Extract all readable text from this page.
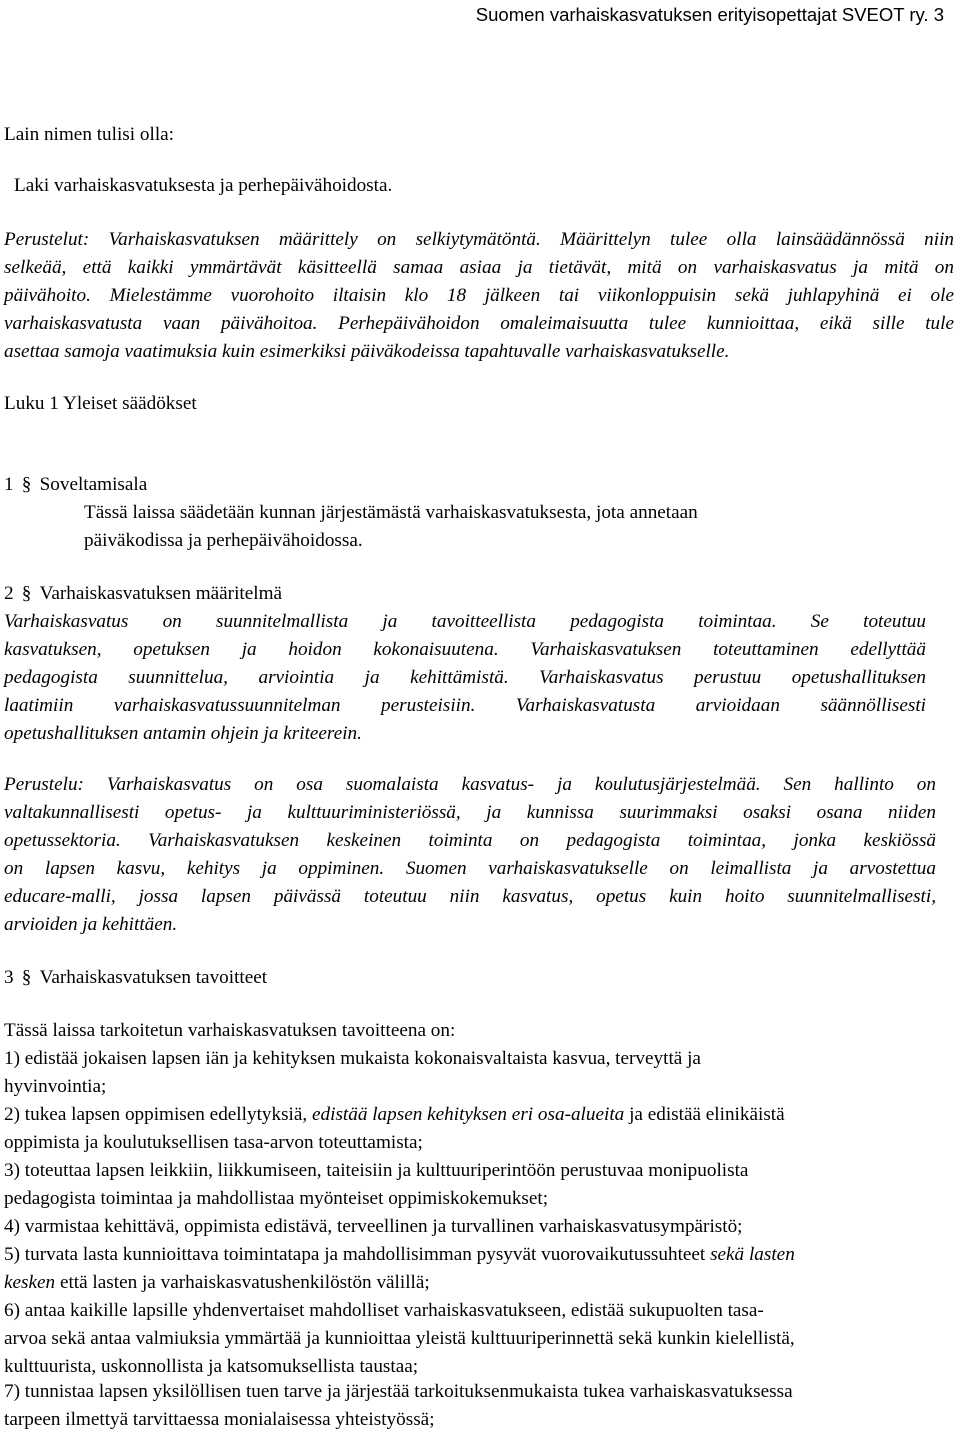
Suomen varhaiskasvatuksen erityisopettajat SVEOT ry. 3
Lain nimen tulisi olla:
Laki varhaiskasvatuksesta ja perhepäivähoidosta.
Perustelut: Varhaiskasvatuksen määrittely on selkiytymätöntä. Määrittelyn tulee olla lainsäädännössä niin
selkeää, että kaikki ymmärtävät käsitteellä samaa asiaa ja tietävät, mitä on varhaiskasvatus ja mitä on
päivähoito. Mielestämme vuorohoito iltaisin klo 18 jälkeen tai viikonloppuisin sekä juhlapyhinä ei ole
varhaiskasvatusta vaan päivähoitoa. Perhepäivähoidon omaleimaisuutta tulee kunnioittaa, eikä sille tule
asettaa samoja vaatimuksia kuin esimerkiksi päiväkodeissa tapahtuvalle varhaiskasvatukselle.
Luku 1 Yleiset säädökset
1 § Soveltamisala
Tässä laissa säädetään kunnan järjestämästä varhaiskasvatuksesta, jota annetaan
päiväkodissa ja perhepäivähoidossa.
2 § Varhaiskasvatuksen määritelmä
Varhaiskasvatus on suunnitelmallista ja tavoitteellista pedagogista toimintaa. Se toteutuu
kasvatuksen, opetuksen ja hoidon kokonaisuutena. Varhaiskasvatuksen toteuttaminen edellyttää
pedagogista suunnittelua, arviointia ja kehittämistä. Varhaiskasvatus perustuu opetushallituksen
laatimiin varhaiskasvatussuunnitelman perusteisiin. Varhaiskasvatusta arvioidaan säännöllisesti
opetushallituksen antamin ohjein ja kriteerein.
Perustelu: Varhaiskasvatus on osa suomalaista kasvatus- ja koulutusjärjestelmää. Sen hallinto on
valtakunnallisesti opetus- ja kulttuuriministeriössä, ja kunnissa suurimmaksi osaksi osana niiden
opetussektoria. Varhaiskasvatuksen keskeinen toiminta on pedagogista toimintaa, jonka keskiössä
on lapsen kasvu, kehitys ja oppiminen. Suomen varhaiskasvatukselle on leimallista ja arvostettua
educare-malli, jossa lapsen päivässä toteutuu niin kasvatus, opetus kuin hoito suunnitelmallisesti,
arvioiden ja kehittäen.
3 § Varhaiskasvatuksen tavoitteet
Tässä laissa tarkoitetun varhaiskasvatuksen tavoitteena on:
1) edistää jokaisen lapsen iän ja kehityksen mukaista kokonaisvaltaista kasvua, terveyttä ja
hyvinvointia;
2) tukea lapsen oppimisen edellytyksiä, edistää lapsen kehityksen eri osa-alueita ja edistää elinikäistä
oppimista ja koulutuksellisen tasa-arvon toteuttamista;
3) toteuttaa lapsen leikkiin, liikkumiseen, taiteisiin ja kulttuuriperintöön perustuvaa monipuolista
pedagogista toimintaa ja mahdollistaa myönteiset oppimiskokemukset;
4) varmistaa kehittävä, oppimista edistävä, terveellinen ja turvallinen varhaiskasvatusympäristö;
5) turvata lasta kunnioittava toimintatapa ja mahdollisimman pysyvät vuorovaikutussuhteet sekä lasten
kesken että lasten ja varhaiskasvatushenkilöstön välillä;
6) antaa kaikille lapsille yhdenvertaiset mahdolliset varhaiskasvatukseen, edistää sukupuolten tasa-
arvoa sekä antaa valmiuksia ymmärtää ja kunnioittaa yleistä kulttuuriperinnettä sekä kunkin kielellistä,
kulttuurista, uskonnollista ja katsomuksellista taustaa;
7) tunnistaa lapsen yksilöllisen tuen tarve ja järjestää tarkoituksenmukaista tukea varhaiskasvatuksessa
tarpeen ilmettyä tarvittaessa monialaisessa yhteistyössä;
